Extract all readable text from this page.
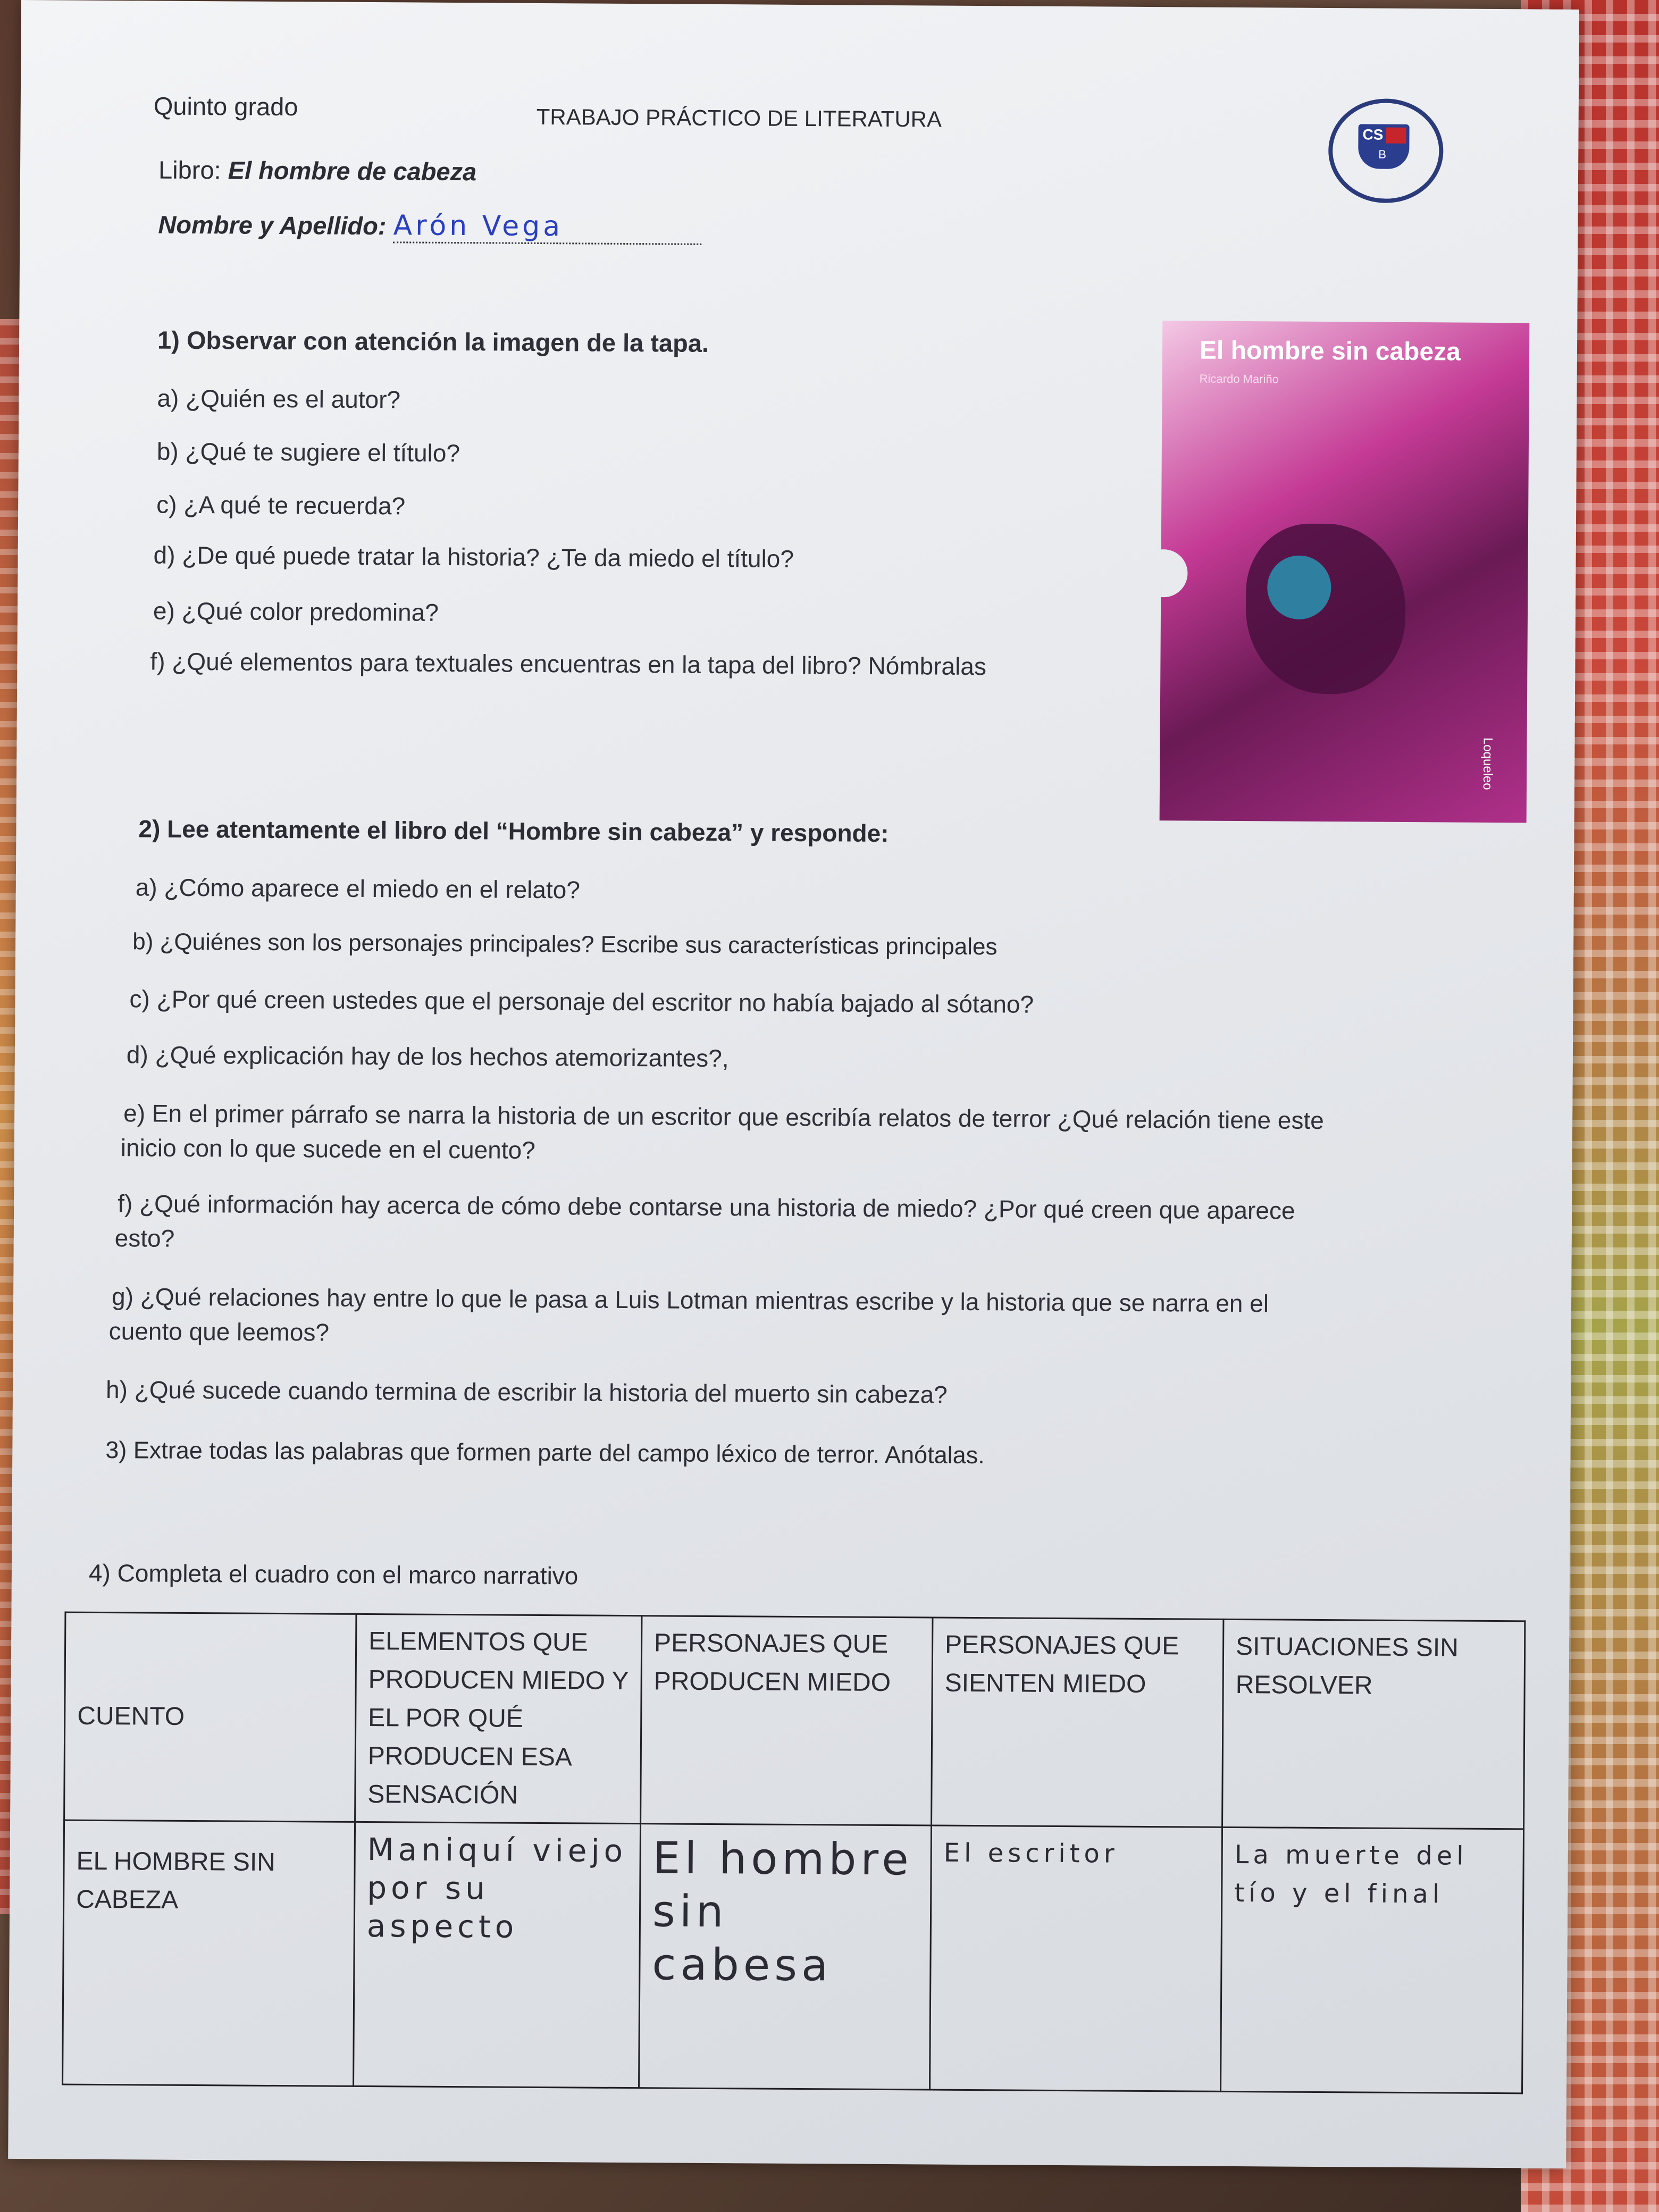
Quinto grado	TRABAJO PRÁCTICO DE LITERATURA
CS
B
Libro: El hombre de cabeza
Nombre y Apellido: Arón Vega
El hombre sin cabeza
Ricardo Mariño
Loqueleo
1) Observar con atención la imagen de la tapa.
a) ¿Quién es el autor?
b) ¿Qué te sugiere el título?
c) ¿A qué te recuerda?
d) ¿De qué puede tratar la historia? ¿Te da miedo el título?
e) ¿Qué color predomina?
f) ¿Qué elementos para textuales encuentras en la tapa del libro? Nómbralas
2) Lee atentamente el libro del “Hombre sin cabeza” y responde:
a) ¿Cómo aparece el miedo en el relato?
b) ¿Quiénes son los personajes principales? Escribe sus características principales
c) ¿Por qué creen ustedes que el personaje del escritor no había bajado al sótano?
d) ¿Qué explicación hay de los hechos atemorizantes?,
e) En el primer párrafo se narra la historia de un escritor que escribía relatos de terror ¿Qué relación tiene este
inicio con lo que sucede en el cuento?
f) ¿Qué información hay acerca de cómo debe contarse una historia de miedo? ¿Por qué creen que aparece
esto?
g) ¿Qué relaciones hay entre lo que le pasa a Luis Lotman mientras escribe y la historia que se narra en el
cuento que leemos?
h) ¿Qué sucede cuando termina de escribir la historia del muerto sin cabeza?
3) Extrae todas las palabras que formen parte del campo léxico de terror. Anótalas.
4) Completa el cuadro con el marco narrativo
CUENTO	ELEMENTOS QUE PRODUCEN MIEDO Y EL POR QUÉ PRODUCEN ESA SENSACIÓN	PERSONAJES QUE PRODUCEN MIEDO	PERSONAJES QUE SIENTEN MIEDO	SITUACIONES SIN RESOLVER
EL HOMBRE SIN CABEZA	Maniquí viejo por su aspecto	El hombre sin cabesa	El escritor	La muerte del tío y el final
